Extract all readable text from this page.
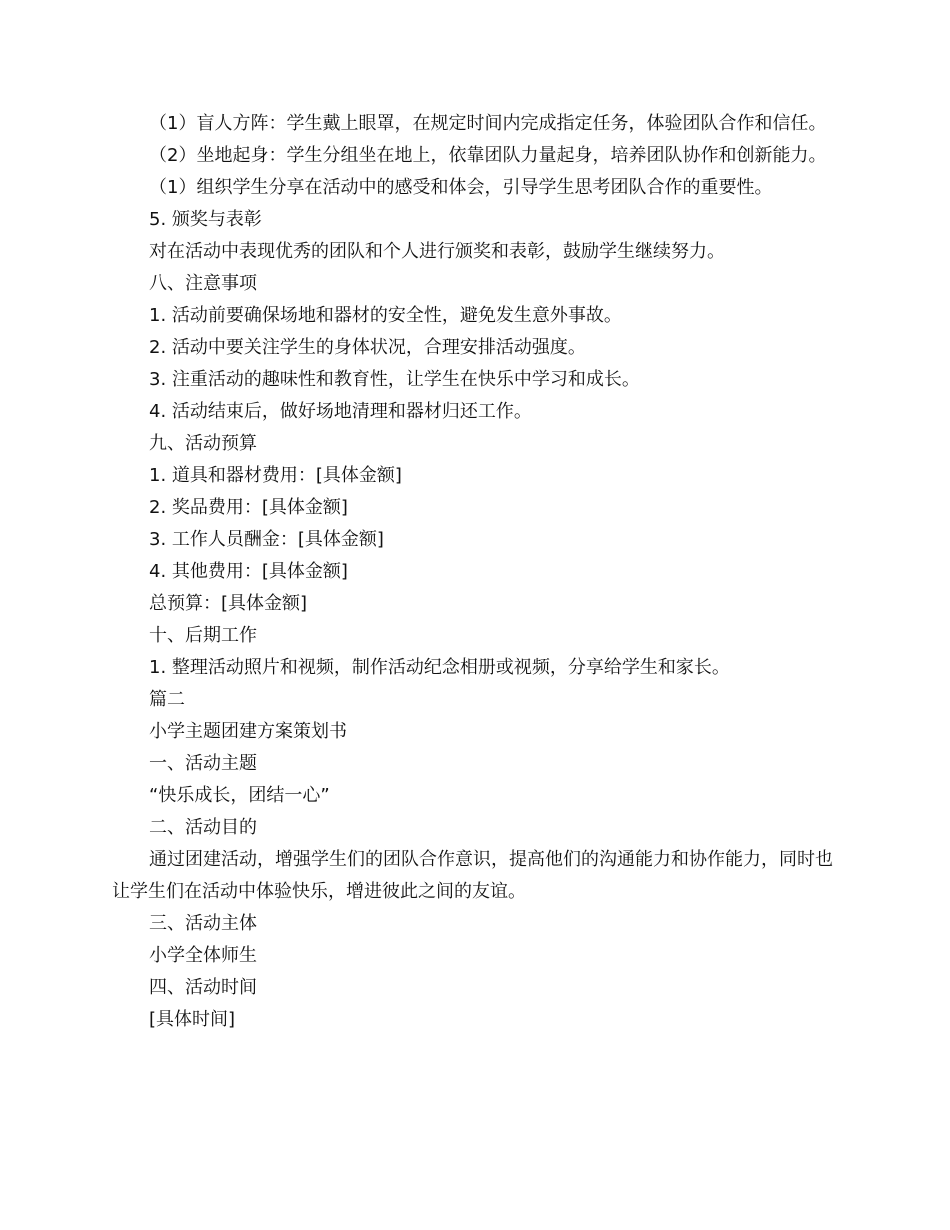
（1）盲人方阵：学生戴上眼罩，在规定时间内完成指定任务，体验团队合作和信任。

（2）坐地起身：学生分组坐在地上，依靠团队力量起身，培养团队协作和创新能力。

（1）组织学生分享在活动中的感受和体会，引导学生思考团队合作的重要性。

5. 颁奖与表彰

对在活动中表现优秀的团队和个人进行颁奖和表彰，鼓励学生继续努力。

八、注意事项

1. 活动前要确保场地和器材的安全性，避免发生意外事故。

2. 活动中要关注学生的身体状况，合理安排活动强度。

3. 注重活动的趣味性和教育性，让学生在快乐中学习和成长。

4. 活动结束后，做好场地清理和器材归还工作。

九、活动预算

1. 道具和器材费用：[具体金额]

2. 奖品费用：[具体金额]

3. 工作人员酬金：[具体金额]

4. 其他费用：[具体金额]

总预算：[具体金额]

十、后期工作

1. 整理活动照片和视频，制作活动纪念相册或视频，分享给学生和家长。

篇二

小学主题团建方案策划书

一、活动主题

“快乐成长，团结一心”

二、活动目的

通过团建活动，增强学生们的团队合作意识，提高他们的沟通能力和协作能力，同时也让学生们在活动中体验快乐，增进彼此之间的友谊。

三、活动主体

小学全体师生

四、活动时间

[具体时间]
